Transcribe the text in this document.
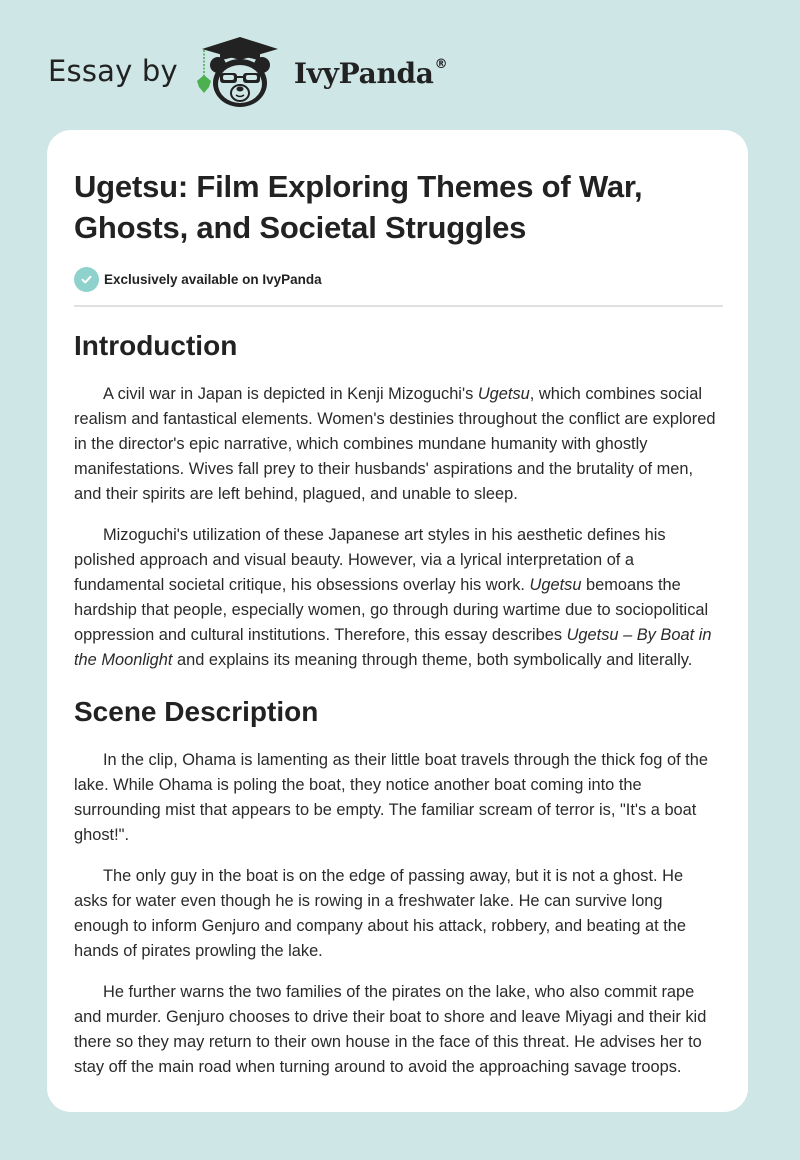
Essay by	IvyPanda®
Ugetsu: Film Exploring Themes of War, Ghosts, and Societal Struggles
Exclusively available on IvyPanda
Introduction

A civil war in Japan is depicted in Kenji Mizoguchi's Ugetsu, which combines social realism and fantastical elements. Women's destinies throughout the conflict are explored in the director's epic narrative, which combines mundane humanity with ghostly manifestations. Wives fall prey to their husbands' aspirations and the brutality of men, and their spirits are left behind, plagued, and unable to sleep.

Mizoguchi's utilization of these Japanese art styles in his aesthetic defines his polished approach and visual beauty. However, via a lyrical interpretation of a fundamental societal critique, his obsessions overlay his work. Ugetsu bemoans the hardship that people, especially women, go through during wartime due to sociopolitical oppression and cultural institutions. Therefore, this essay describes Ugetsu – By Boat in the Moonlight and explains its meaning through theme, both symbolically and literally.

Scene Description

In the clip, Ohama is lamenting as their little boat travels through the thick fog of the lake. While Ohama is poling the boat, they notice another boat coming into the surrounding mist that appears to be empty. The familiar scream of terror is, "It's a boat ghost!".

The only guy in the boat is on the edge of passing away, but it is not a ghost. He asks for water even though he is rowing in a freshwater lake. He can survive long enough to inform Genjuro and company about his attack, robbery, and beating at the hands of pirates prowling the lake.

He further warns the two families of the pirates on the lake, who also commit rape and murder. Genjuro chooses to drive their boat to shore and leave Miyagi and their kid there so they may return to their own house in the face of this threat. He advises her to stay off the main road when turning around to avoid the approaching savage troops.
